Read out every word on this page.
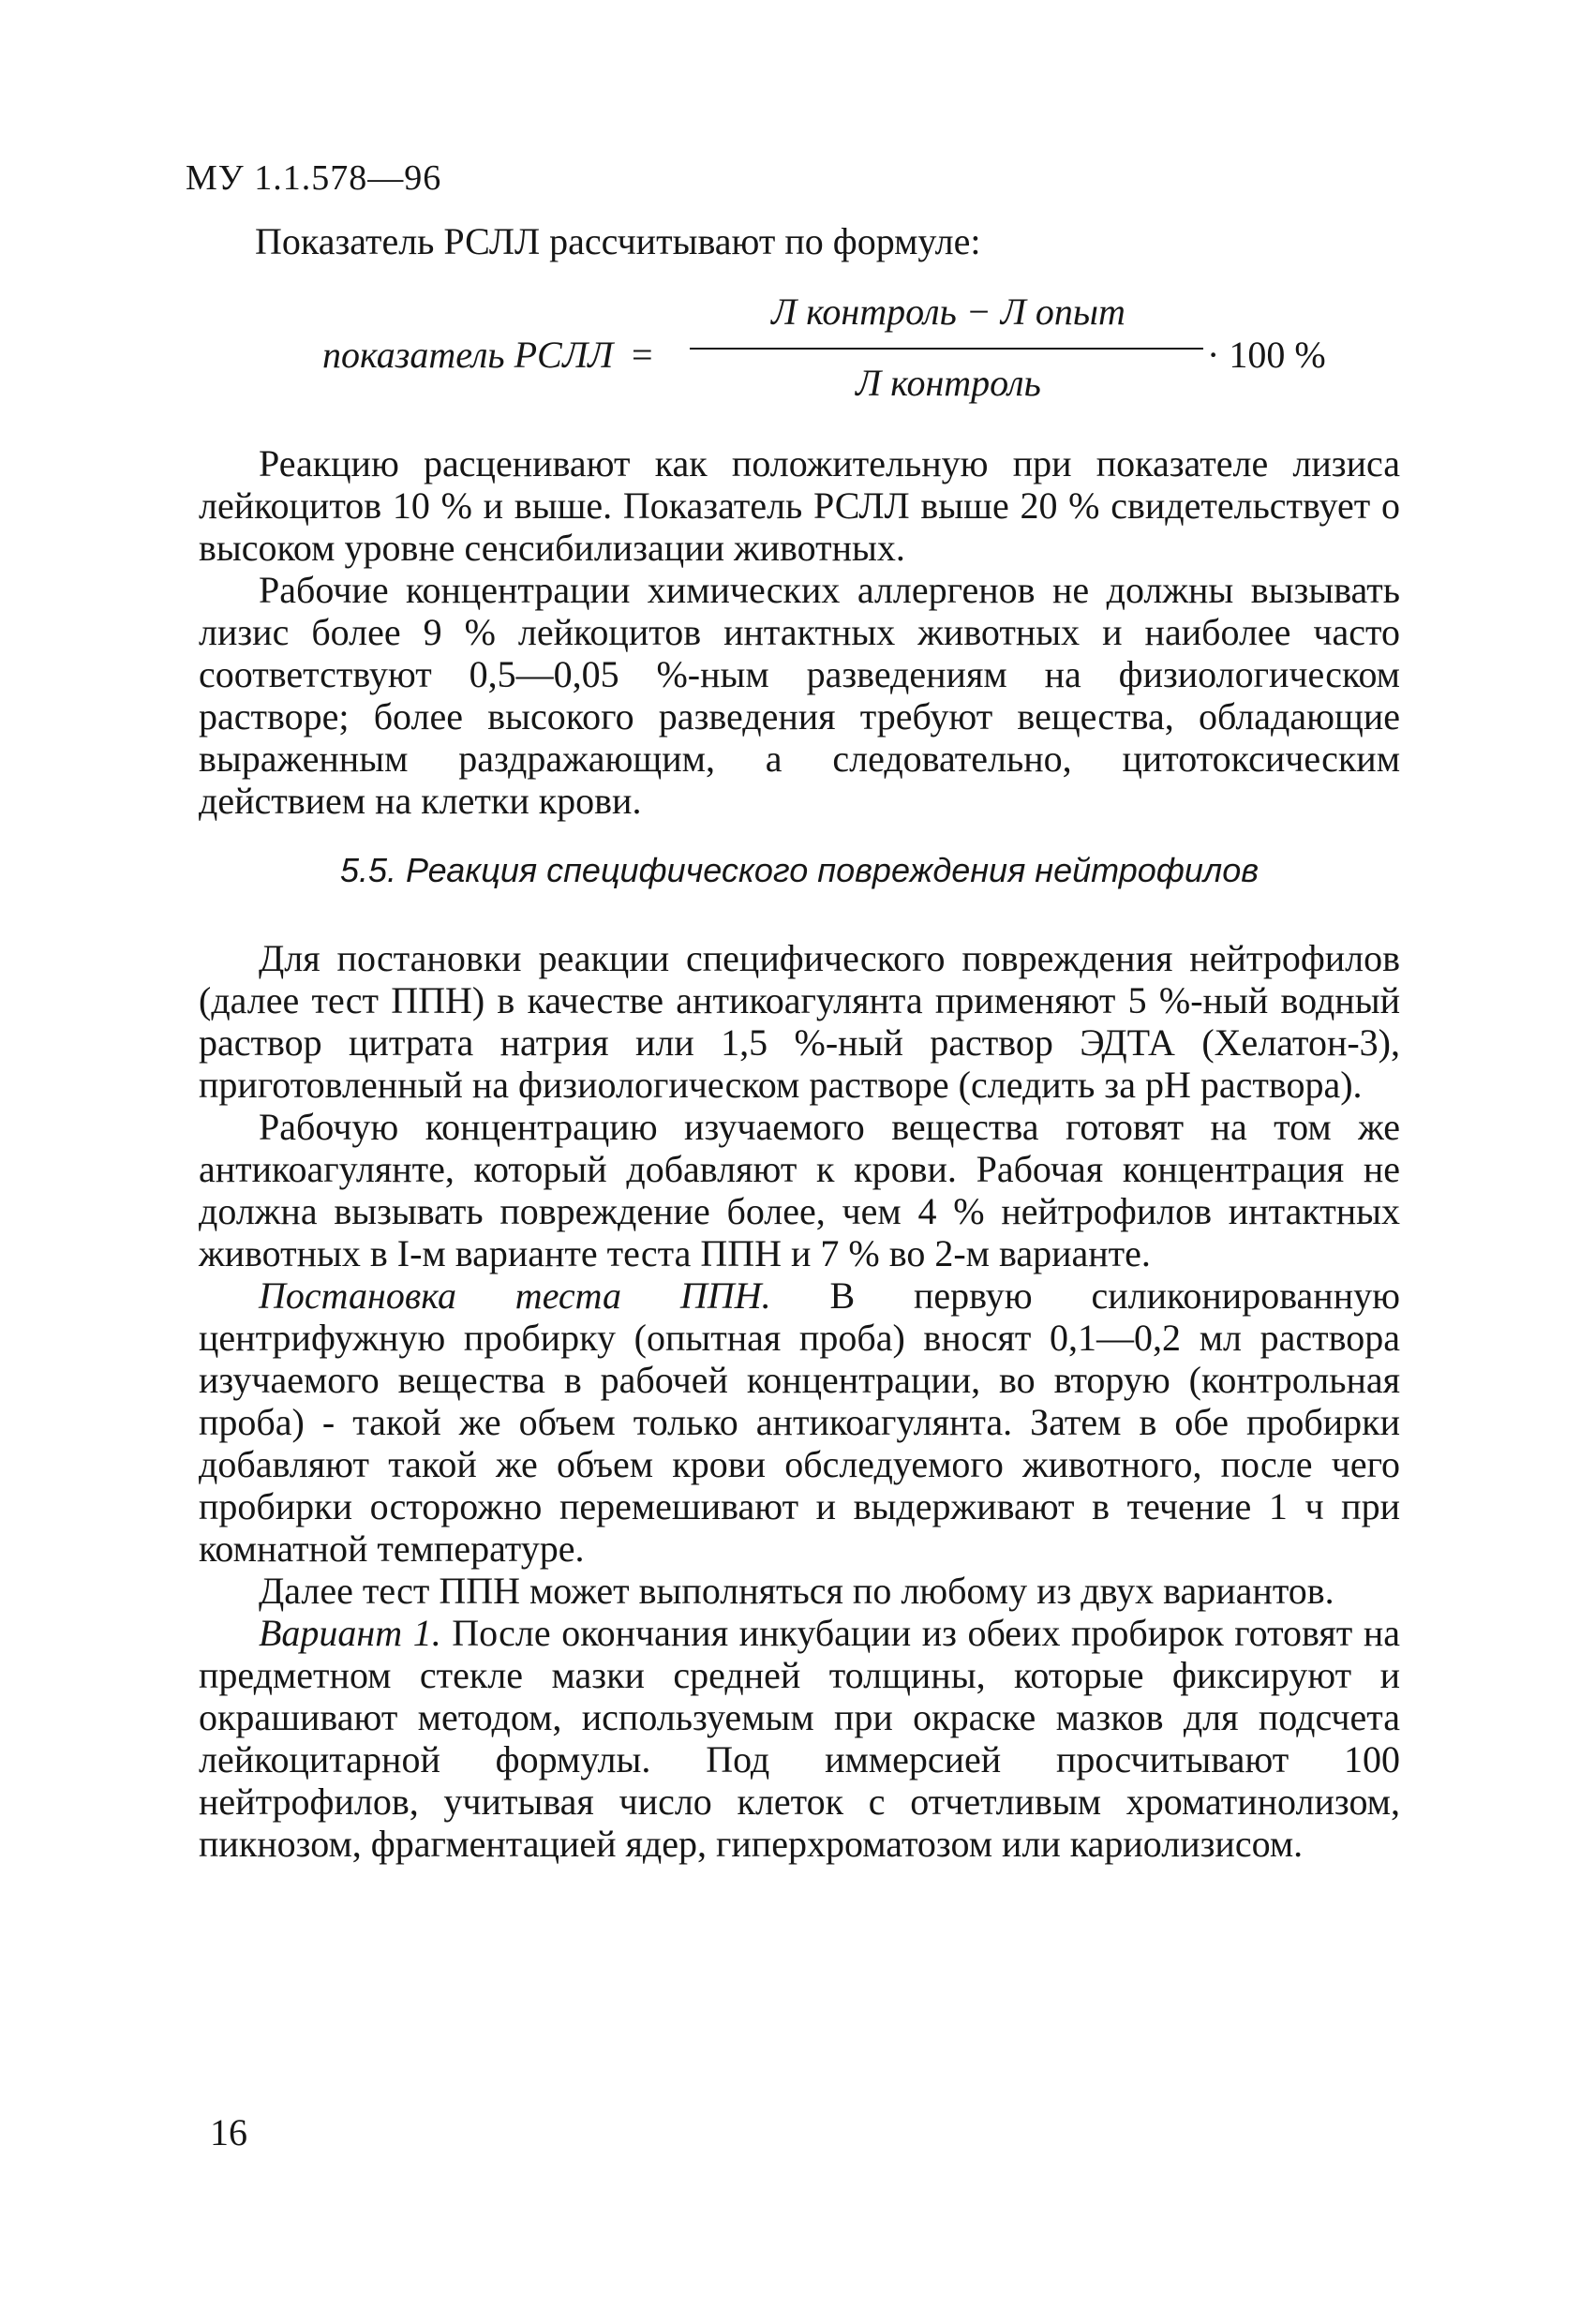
МУ 1.1.578—96
Показатель РСЛЛ рассчитывают по формуле:
показатель РСЛЛ =
Л контроль − Л опыт
Л контроль
· 100 %

Реакцию расценивают как положительную при показателе лизиса лейкоцитов 10 % и выше. Показатель РСЛЛ выше 20 % свидетельствует о высоком уровне сенсибилизации животных.

Рабочие концентрации химических аллергенов не должны вызывать лизис более 9 % лейкоцитов интактных животных и наиболее часто соответствуют 0,5—0,05 %-ным разведениям на физиологическом растворе; более высокого разведения требуют вещества, обладающие выраженным раздражающим, а следовательно, цитотоксическим действием на клетки крови.

5.5. Реакция специфического повреждения нейтрофилов

Для постановки реакции специфического повреждения нейтрофилов (далее тест ППН) в качестве антикоагулянта применяют 5 %-ный водный раствор цитрата натрия или 1,5 %-ный раствор ЭДТА (Хелатон-3), приготовленный на физиологическом растворе (следить за pH раствора).

Рабочую концентрацию изучаемого вещества готовят на том же антикоагулянте, который добавляют к крови. Рабочая концентрация не должна вызывать повреждение более, чем 4 % нейтрофилов интактных животных в I-м варианте теста ППН и 7 % во 2-м варианте.

Постановка теста ППН. В первую силиконированную центрифужную пробирку (опытная проба) вносят 0,1—0,2 мл раствора изучаемого вещества в рабочей концентрации, во вторую (контрольная проба) - такой же объем только антикоагулянта. Затем в обе пробирки добавляют такой же объем крови обследуемого животного, после чего пробирки осторожно перемешивают и выдерживают в течение 1 ч при комнатной температуре.

Далее тест ППН может выполняться по любому из двух вариантов.

Вариант 1. После окончания инкубации из обеих пробирок готовят на предметном стекле мазки средней толщины, которые фиксируют и окрашивают методом, используемым при окраске мазков для подсчета лейкоцитарной формулы. Под иммерсией просчитывают 100 нейтрофилов, учитывая число клеток с отчетливым хроматинолизом, пикнозом, фрагментацией ядер, гиперхроматозом или кариолизисом.

16
